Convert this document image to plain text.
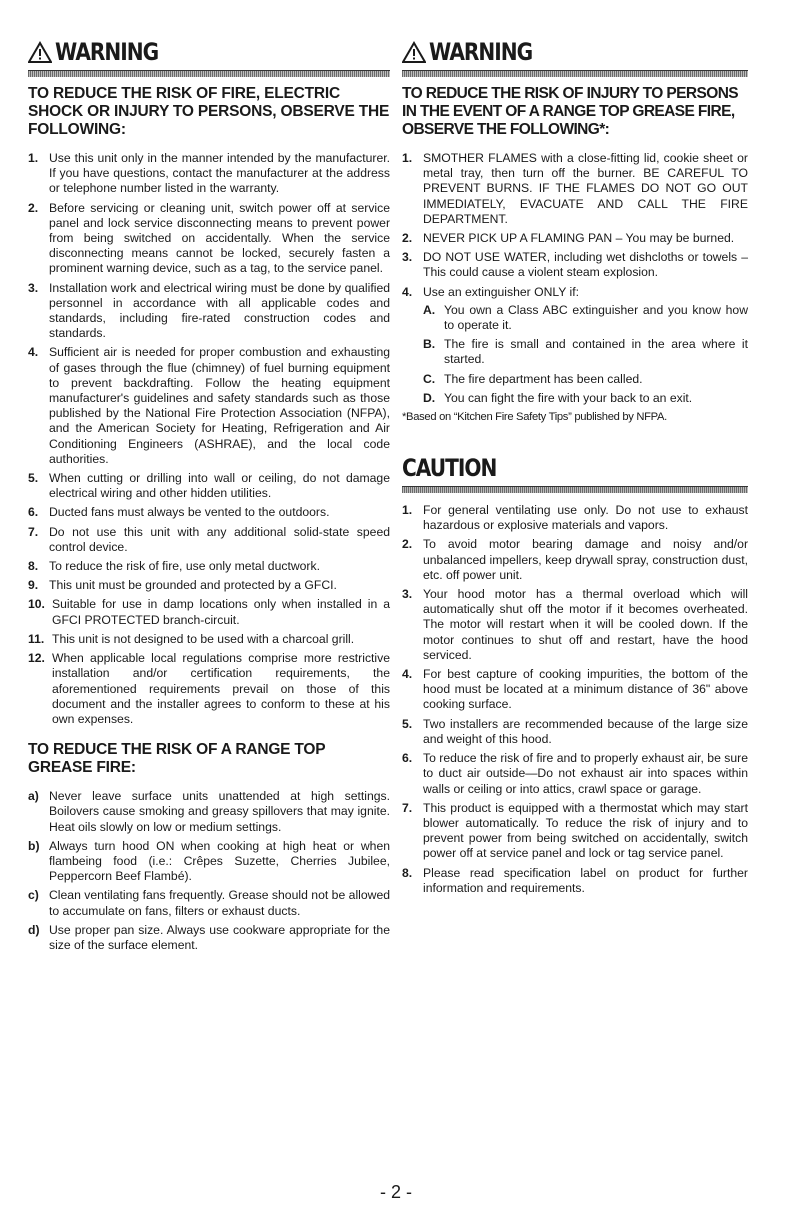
WARNING
TO REDUCE THE RISK OF FIRE, ELECTRIC SHOCK OR INJURY TO PERSONS, OBSERVE THE FOLLOWING:
1. Use this unit only in the manner intended by the manufacturer. If you have questions, contact the manufacturer at the address or telephone number listed in the warranty.
2. Before servicing or cleaning unit, switch power off at service panel and lock service disconnecting means to prevent power from being switched on accidentally. When the service disconnecting means cannot be locked, securely fasten a prominent warning device, such as a tag, to the service panel.
3. Installation work and electrical wiring must be done by qualified personnel in accordance with all applicable codes and standards, including fire-rated construction codes and standards.
4. Sufficient air is needed for proper combustion and exhausting of gases through the flue (chimney) of fuel burning equipment to prevent backdrafting. Follow the heating equipment manufacturer's guidelines and safety standards such as those published by the National Fire Protection Association (NFPA), and the American Society for Heating, Refrigeration and Air Conditioning Engineers (ASHRAE), and the local code authorities.
5. When cutting or drilling into wall or ceiling, do not damage electrical wiring and other hidden utilities.
6. Ducted fans must always be vented to the outdoors.
7. Do not use this unit with any additional solid-state speed control device.
8. To reduce the risk of fire, use only metal ductwork.
9. This unit must be grounded and protected by a GFCI.
10. Suitable for use in damp locations only when installed in a GFCI PROTECTED branch-circuit.
11. This unit is not designed to be used with a charcoal grill.
12. When applicable local regulations comprise more restrictive installation and/or certification requirements, the aforementioned requirements prevail on those of this document and the installer agrees to conform to these at his own expenses.
TO REDUCE THE RISK OF A RANGE TOP GREASE FIRE:
a) Never leave surface units unattended at high settings. Boilovers cause smoking and greasy spillovers that may ignite. Heat oils slowly on low or medium settings.
b) Always turn hood ON when cooking at high heat or when flambeing food (i.e.: Crêpes Suzette, Cherries Jubilee, Peppercorn Beef Flambé).
c) Clean ventilating fans frequently. Grease should not be allowed to accumulate on fans, filters or exhaust ducts.
d) Use proper pan size. Always use cookware appropriate for the size of the surface element.
WARNING
TO REDUCE THE RISK OF INJURY TO PERSONS IN THE EVENT OF A RANGE TOP GREASE FIRE, OBSERVE THE FOLLOWING*:
1. SMOTHER FLAMES with a close-fitting lid, cookie sheet or metal tray, then turn off the burner. BE CAREFUL TO PREVENT BURNS. IF THE FLAMES DO NOT GO OUT IMMEDIATELY, EVACUATE AND CALL THE FIRE DEPARTMENT.
2. NEVER PICK UP A FLAMING PAN – You may be burned.
3. DO NOT USE WATER, including wet dishcloths or towels – This could cause a violent steam explosion.
4. Use an extinguisher ONLY if:
A. You own a Class ABC extinguisher and you know how to operate it.
B. The fire is small and contained in the area where it started.
C. The fire department has been called.
D. You can fight the fire with your back to an exit.
*Based on “Kitchen Fire Safety Tips” published by NFPA.
CAUTION
1. For general ventilating use only. Do not use to exhaust hazardous or explosive materials and vapors.
2. To avoid motor bearing damage and noisy and/or unbalanced impellers, keep drywall spray, construction dust, etc. off power unit.
3. Your hood motor has a thermal overload which will automatically shut off the motor if it becomes overheated. The motor will restart when it will be cooled down. If the motor continues to shut off and restart, have the hood serviced.
4. For best capture of cooking impurities, the bottom of the hood must be located at a minimum distance of 36" above cooking surface.
5. Two installers are recommended because of the large size and weight of this hood.
6. To reduce the risk of fire and to properly exhaust air, be sure to duct air outside—Do not exhaust air into spaces within walls or ceiling or into attics, crawl space or garage.
7. This product is equipped with a thermostat which may start blower automatically. To reduce the risk of injury and to prevent power from being switched on accidentally, switch power off at service panel and lock or tag service panel.
8. Please read specification label on product for further information and requirements.
- 2 -
